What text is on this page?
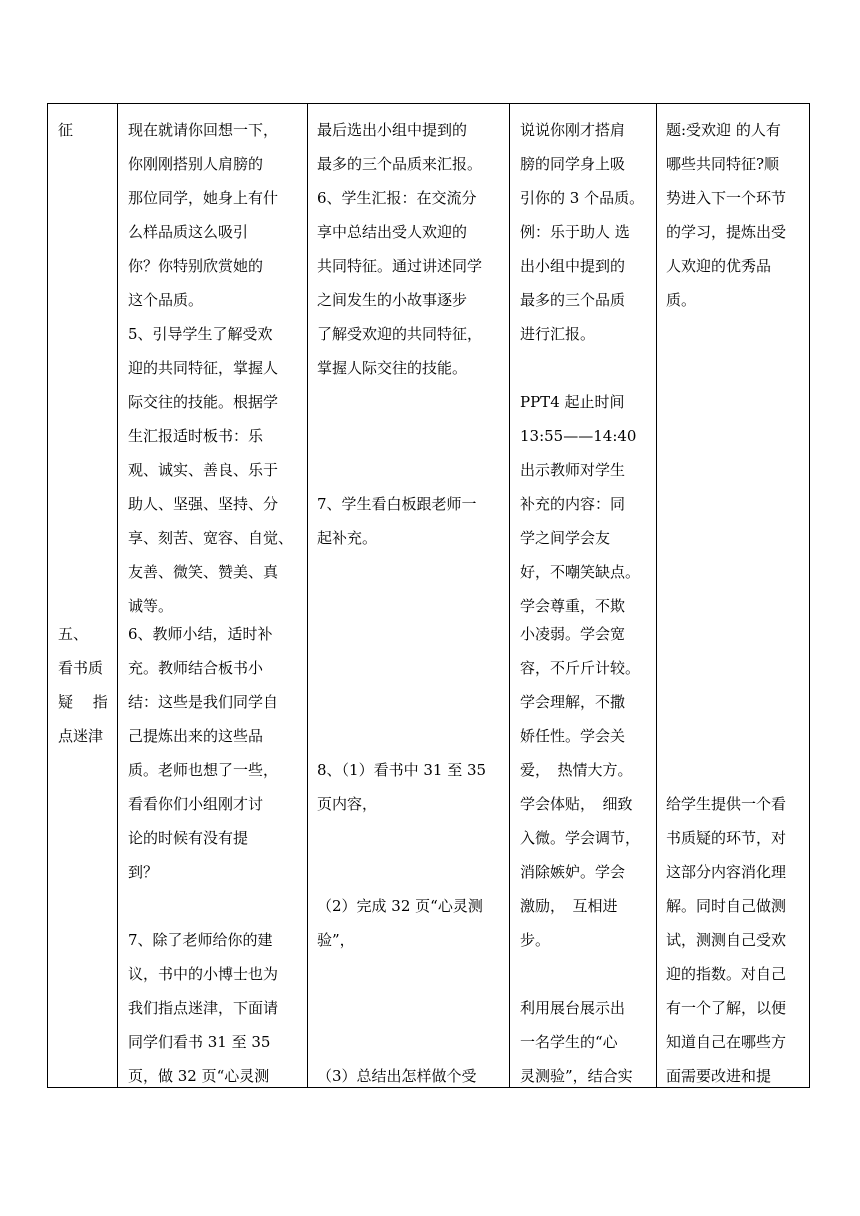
征
五、
看书质
疑　 指
点迷津
现在就请你回想一下，
你刚刚搭别人肩膀的
那位同学，她身上有什
么样品质这么吸引
你？你特别欣赏她的
这个品质。
5、引导学生了解受欢
迎的共同特征，掌握人
际交往的技能。根据学
生汇报适时板书：乐
观、诚实、善良、乐于
助人、坚强、坚持、分
享、刻苦、宽容、自觉、
友善、微笑、赞美、真
诚等。
6、教师小结，适时补
充。教师结合板书小
结：这些是我们同学自
己提炼出来的这些品
质。老师也想了一些，
看看你们小组刚才讨
论的时候有没有提
到？
7、除了老师给你的建
议，书中的小博士也为
我们指点迷津，下面请
同学们看书 31 至 35
页，做 32 页“心灵测
最后选出小组中提到的
最多的三个品质来汇报。
6、学生汇报：在交流分
享中总结出受人欢迎的
共同特征。通过讲述同学
之间发生的小故事逐步
了解受欢迎的共同特征，
掌握人际交往的技能。
7、学生看白板跟老师一
起补充。
8、（1）看书中 31 至 35
页内容，
（2）完成 32 页“心灵测
验”，
（3）总结出怎样做个受
说说你刚才搭肩
膀的同学身上吸
引你的 3 个品质。
例：乐于助人 选
出小组中提到的
最多的三个品质
进行汇报。
PPT4 起止时间
13:55——14:40
出示教师对学生
补充的内容：同
学之间学会友
好，不嘲笑缺点。
学会尊重，不欺
小凌弱。学会宽
容，不斤斤计较。
学会理解，不撒
娇任性。学会关
爱，　热情大方。
学会体贴，　细致
入微。学会调节，
消除嫉妒。学会
激励，　互相进
步。
利用展台展示出
一名学生的“心
灵测验”，结合实
题:受欢迎 的人有
哪些共同特征?顺
势进入下一个环节
的学习，提炼出受
人欢迎的优秀品
质。
给学生提供一个看
书质疑的环节，对
这部分内容消化理
解。同时自己做测
试，测测自己受欢
迎的指数。对自己
有一个了解，以便
知道自己在哪些方
面需要改进和提
